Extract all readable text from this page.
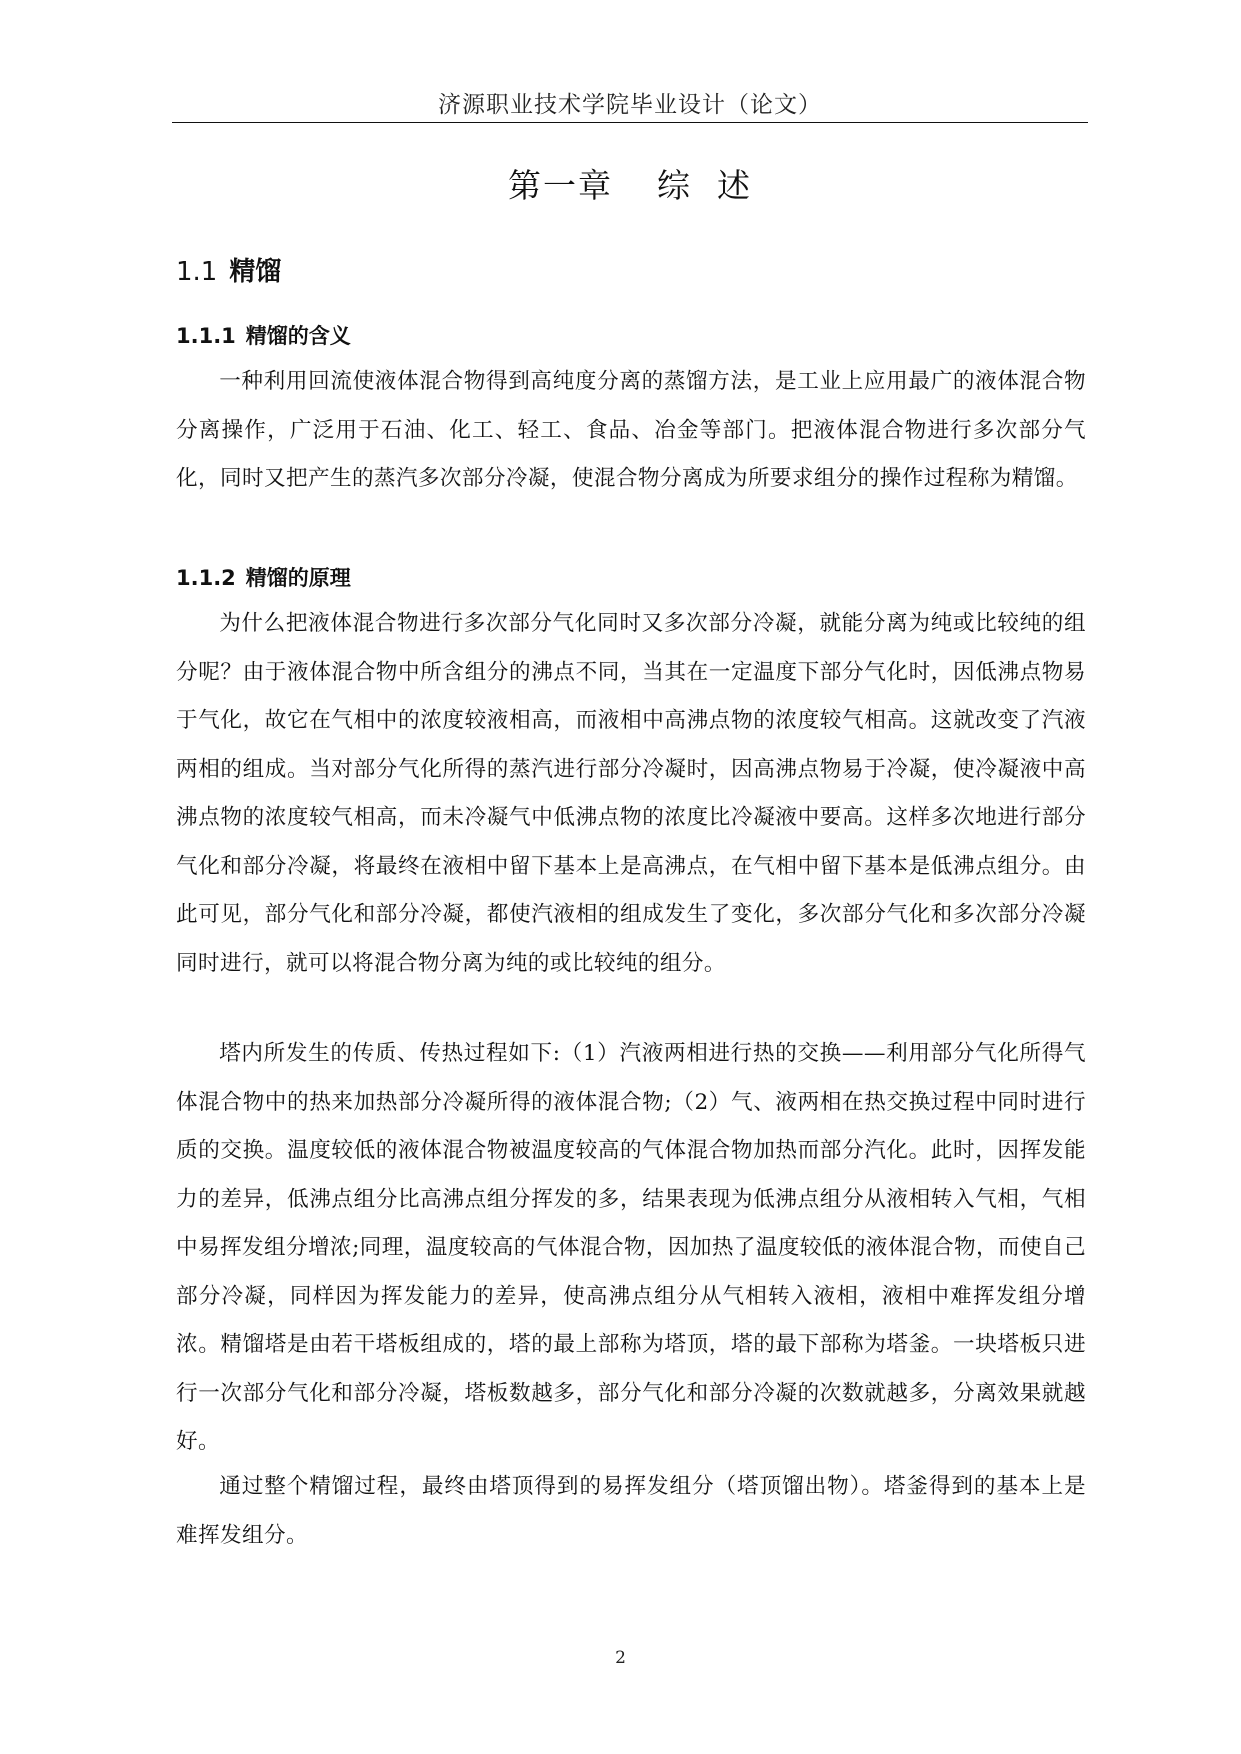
济源职业技术学院毕业设计（论文）
第一章 综  述
1.1 精馏
1.1.1 精馏的含义

一种利用回流使液体混合物得到高纯度分离的蒸馏方法，是工业上应用最广的液体混合物分离操作，广泛用于石油、化工、轻工、食品、冶金等部门。把液体混合物进行多次部分气化，同时又把产生的蒸汽多次部分冷凝，使混合物分离成为所要求组分的操作过程称为精馏。

1.1.2 精馏的原理

为什么把液体混合物进行多次部分气化同时又多次部分冷凝，就能分离为纯或比较纯的组分呢？由于液体混合物中所含组分的沸点不同，当其在一定温度下部分气化时，因低沸点物易于气化，故它在气相中的浓度较液相高，而液相中高沸点物的浓度较气相高。这就改变了汽液两相的组成。当对部分气化所得的蒸汽进行部分冷凝时，因高沸点物易于冷凝，使冷凝液中高沸点物的浓度较气相高，而未冷凝气中低沸点物的浓度比冷凝液中要高。这样多次地进行部分气化和部分冷凝，将最终在液相中留下基本上是高沸点，在气相中留下基本是低沸点组分。由此可见，部分气化和部分冷凝，都使汽液相的组成发生了变化，多次部分气化和多次部分冷凝同时进行，就可以将混合物分离为纯的或比较纯的组分。

塔内所发生的传质、传热过程如下:（1）汽液两相进行热的交换——利用部分气化所得气体混合物中的热来加热部分冷凝所得的液体混合物;（2）气、液两相在热交换过程中同时进行质的交换。温度较低的液体混合物被温度较高的气体混合物加热而部分汽化。此时，因挥发能力的差异，低沸点组分比高沸点组分挥发的多，结果表现为低沸点组分从液相转入气相，气相中易挥发组分增浓;同理，温度较高的气体混合物，因加热了温度较低的液体混合物，而使自己部分冷凝，同样因为挥发能力的差异，使高沸点组分从气相转入液相，液相中难挥发组分增浓。精馏塔是由若干塔板组成的，塔的最上部称为塔顶，塔的最下部称为塔釜。一块塔板只进行一次部分气化和部分冷凝，塔板数越多，部分气化和部分冷凝的次数就越多，分离效果就越好。

通过整个精馏过程，最终由塔顶得到的易挥发组分（塔顶馏出物）。塔釜得到的基本上是难挥发组分。

2
